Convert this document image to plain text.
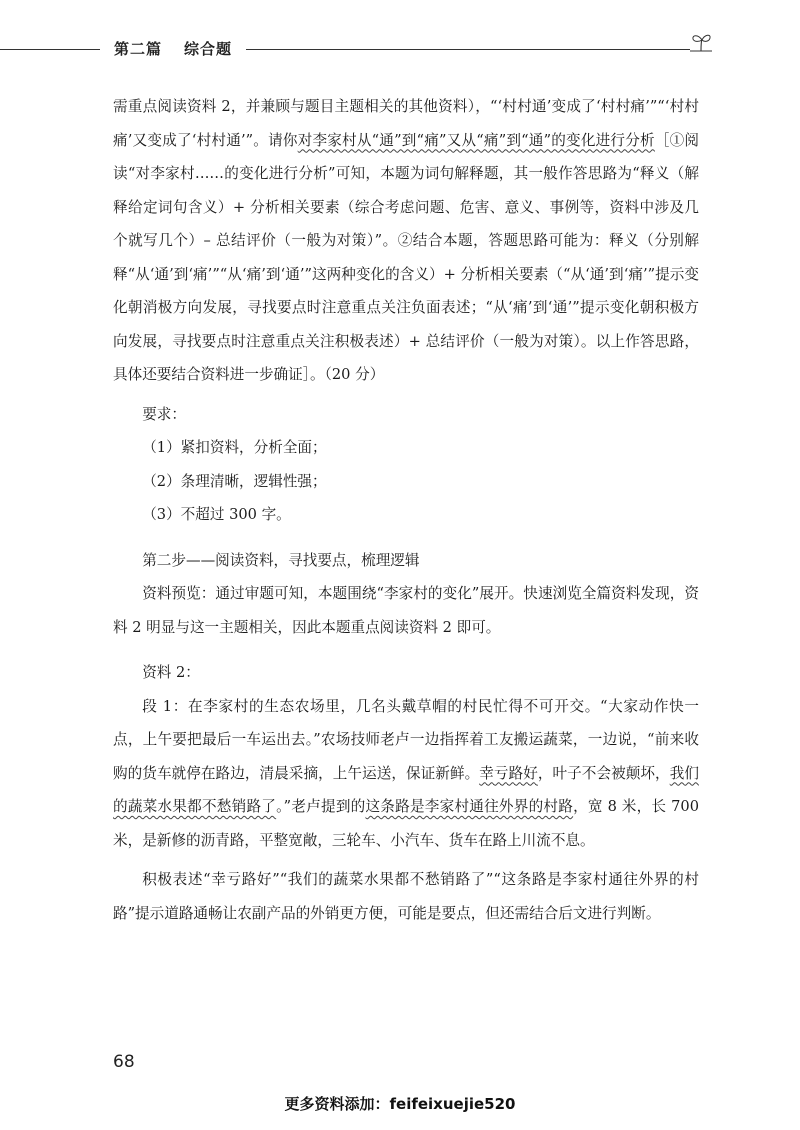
第二篇 综合题

需重点阅读资料 2，并兼顾与题目主题相关的其他资料），“‘村村通’变成了‘村村痛’”“‘村村痛’又变成了‘村村通’”。请你对李家村从“通”到“痛”又从“痛”到“通”的变化进行分析［①阅读“对李家村……的变化进行分析”可知，本题为词句解释题，其一般作答思路为“释义（解释给定词句含义）+ 分析相关要素（综合考虑问题、危害、意义、事例等，资料中涉及几个就写几个）– 总结评价（一般为对策）”。②结合本题，答题思路可能为：释义（分别解释“从‘通’到‘痛’”“从‘痛’到‘通’”这两种变化的含义）+ 分析相关要素（“从‘通’到‘痛’”提示变化朝消极方向发展，寻找要点时注意重点关注负面表述；“从‘痛’到‘通’”提示变化朝积极方向发展，寻找要点时注意重点关注积极表述）+ 总结评价（一般为对策）。以上作答思路，具体还要结合资料进一步确证］。（20 分）

要求：

（1）紧扣资料，分析全面；

（2）条理清晰，逻辑性强；

（3）不超过 300 字。

第二步——阅读资料，寻找要点，梳理逻辑

资料预览：通过审题可知，本题围绕“李家村的变化”展开。快速浏览全篇资料发现，资料 2 明显与这一主题相关，因此本题重点阅读资料 2 即可。

资料 2：

段 1：在李家村的生态农场里，几名头戴草帽的村民忙得不可开交。“大家动作快一点，上午要把最后一车运出去。”农场技师老卢一边指挥着工友搬运蔬菜，一边说，“前来收购的货车就停在路边，清晨采摘，上午运送，保证新鲜。幸亏路好，叶子不会被颠坏，我们的蔬菜水果都不愁销路了。”老卢提到的这条路是李家村通往外界的村路，宽 8 米，长 700 米，是新修的沥青路，平整宽敞，三轮车、小汽车、货车在路上川流不息。

积极表述“幸亏路好”“我们的蔬菜水果都不愁销路了”“这条路是李家村通往外界的村路”提示道路通畅让农副产品的外销更方便，可能是要点，但还需结合后文进行判断。

68
更多资料添加：feifeixuejie520
